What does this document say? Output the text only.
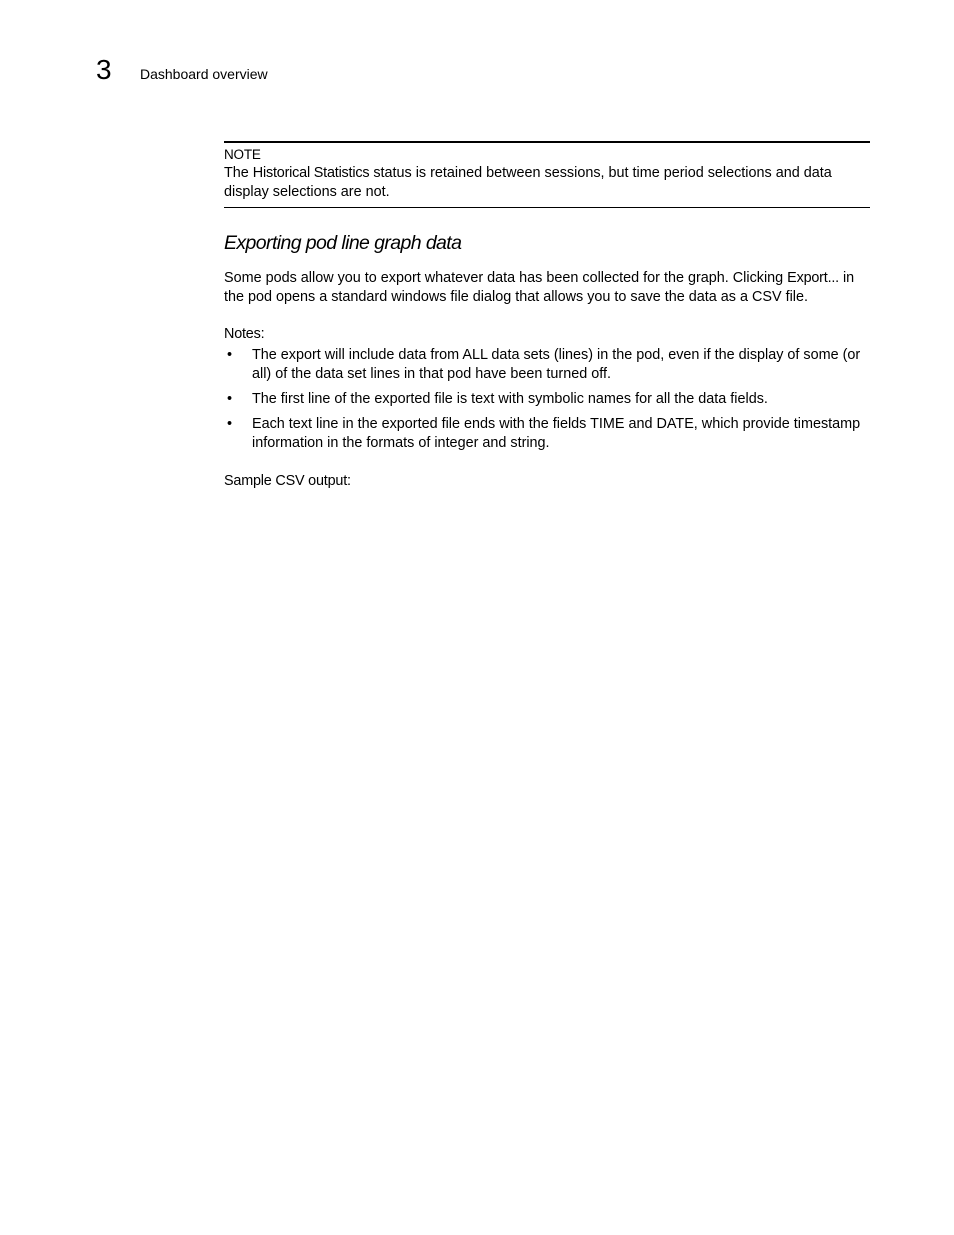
3 Dashboard overview
NOTE

The Historical Statistics status is retained between sessions, but time period selections and data display selections are not.

Exporting pod line graph data

Some pods allow you to export whatever data has been collected for the graph. Clicking Export... in the pod opens a standard windows file dialog that allows you to save the data as a CSV file.

Notes:

• The export will include data from ALL data sets (lines) in the pod, even if the display of some (or all) of the data set lines in that pod have been turned off.
• The first line of the exported file is text with symbolic names for all the data fields.
• Each text line in the exported file ends with the fields TIME and DATE, which provide timestamp information in the formats of integer and string.

Sample CSV output:
